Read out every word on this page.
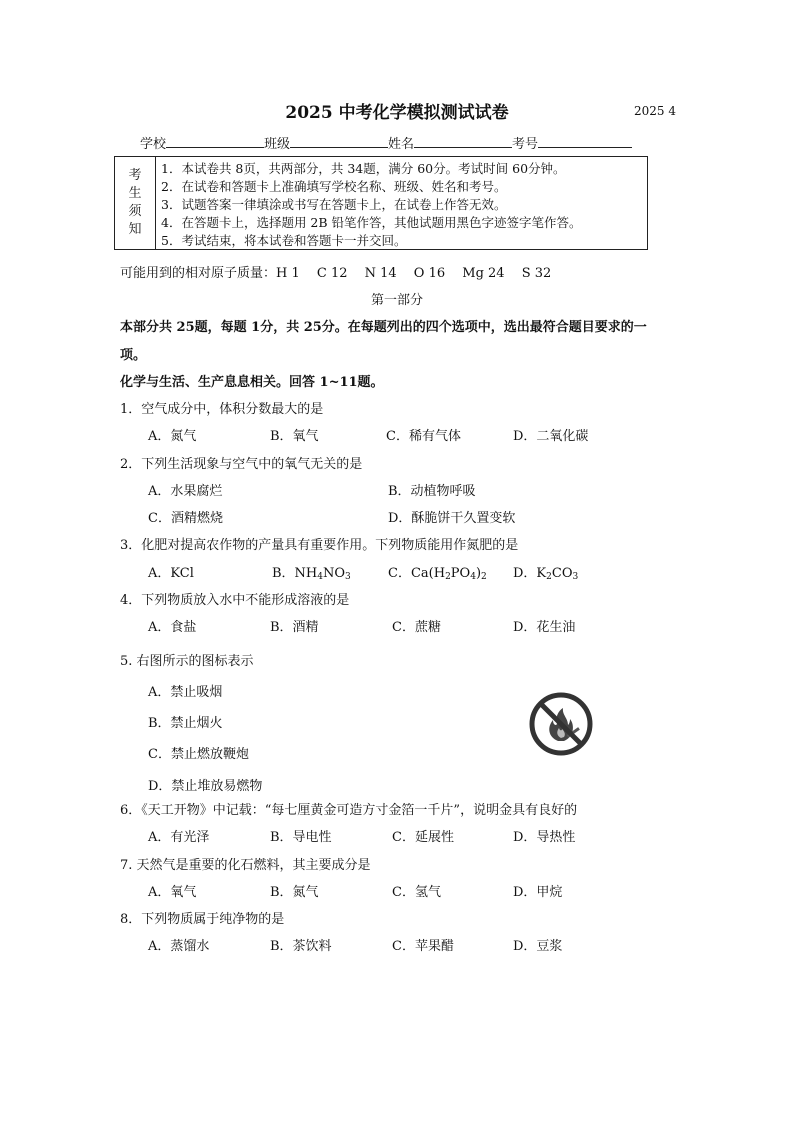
2025 中考化学模拟测试试卷	2025 4
学校	班级	姓名	考号
考
生
须
知
1．本试卷共 8页，共两部分，共 34题，满分 60分。考试时间 60分钟。
2．在试卷和答题卡上准确填写学校名称、班级、姓名和考号。
3．试题答案一律填涂或书写在答题卡上，在试卷上作答无效。
4．在答题卡上，选择题用 2B 铅笔作答，其他试题用黑色字迹签字笔作答。
5．考试结束，将本试卷和答题卡一并交回。
可能用到的相对原子质量：H 1　 C 12　 N 14　 O 16　 Mg 24　 S 32
第一部分
本部分共 25题，每题 1分，共 25分。在每题列出的四个选项中，选出最符合题目要求的一
项。
化学与生活、生产息息相关。回答 1~11题。
1．空气成分中，体积分数最大的是
A．氮气	B．氧气	C．稀有气体	D．二氧化碳
2．下列生活现象与空气中的氧气无关的是
A．水果腐烂	B．动植物呼吸
C．酒精燃烧	D．酥脆饼干久置变软
3．化肥对提高农作物的产量具有重要作用。下列物质能用作氮肥的是
A．KCl	B．$NH_4NO_3$	C．$Ca(H_2PO_4)_2$ D．$K_2CO_3$
4．下列物质放入水中不能形成溶液的是
A．食盐	B．酒精	C．蔗糖	D．花生油
5. 右图所示的图标表示
A．禁止吸烟
B．禁止烟火
C．禁止燃放鞭炮
D．禁止堆放易燃物
6．《天工开物》中记载：“每七厘黄金可造方寸金箔一千片”，说明金具有良好的
A．有光泽	B．导电性	C．延展性	D．导热性
7. 天然气是重要的化石燃料，其主要成分是
A．氧气	B．氮气	C．氢气	D．甲烷
8．下列物质属于纯净物的是
A．蒸馏水	B．茶饮料	C．苹果醋	D．豆浆
